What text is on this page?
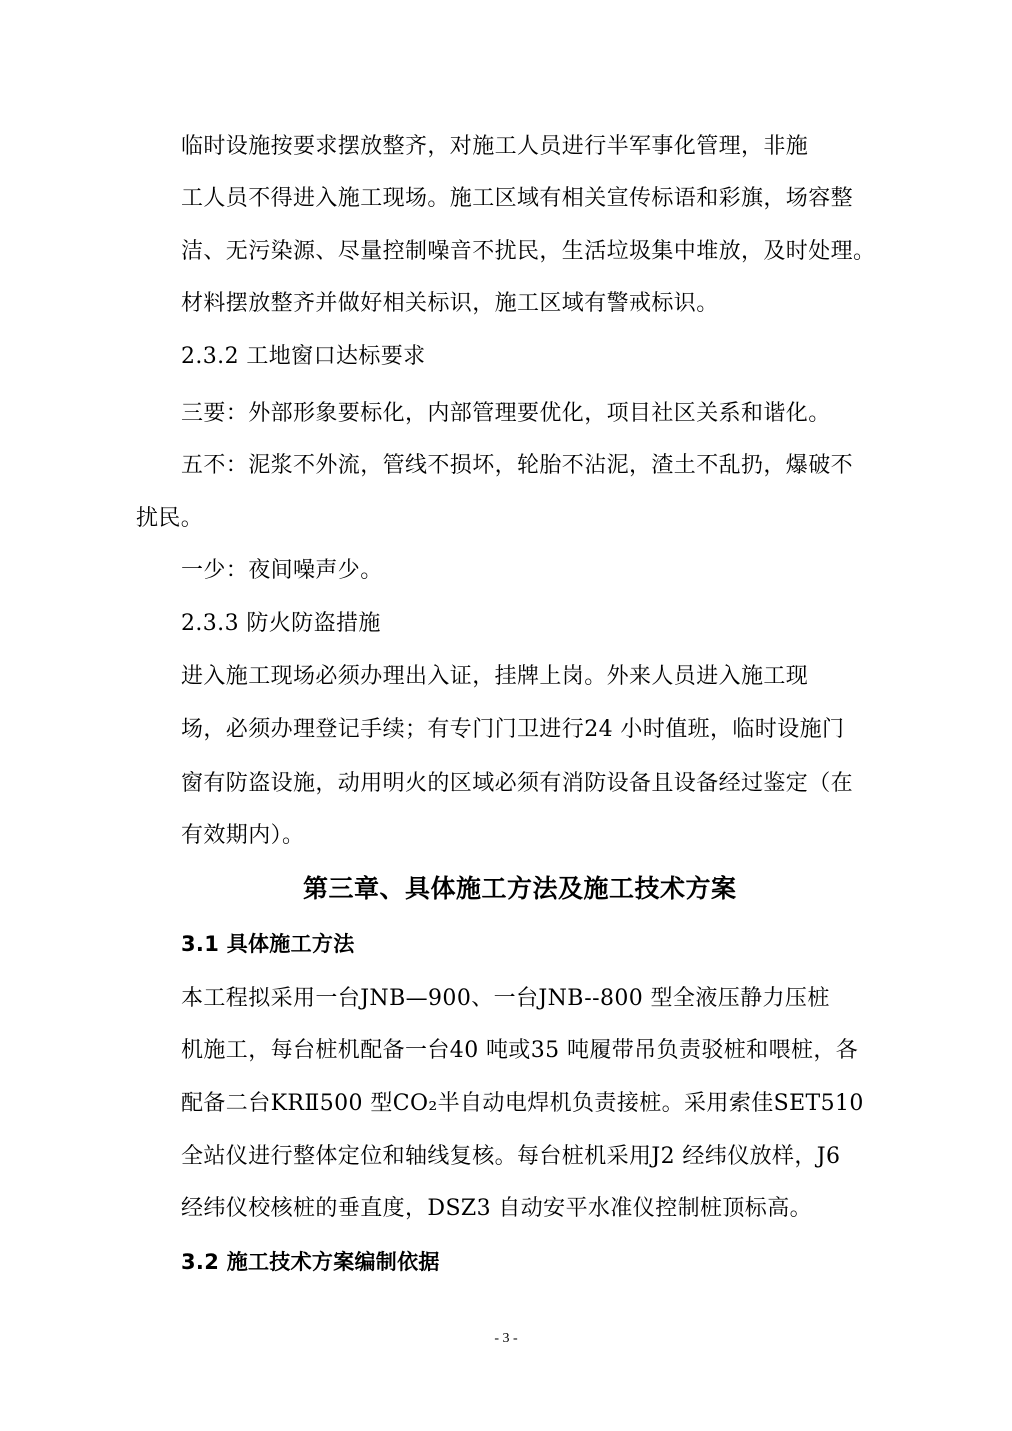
临时设施按要求摆放整齐，对施工人员进行半军事化管理，非施
工人员不得进入施工现场。施工区域有相关宣传标语和彩旗，场容整
洁、无污染源、尽量控制噪音不扰民，生活垃圾集中堆放，及时处理。
材料摆放整齐并做好相关标识，施工区域有警戒标识。
2.3.2 工地窗口达标要求
三要：外部形象要标化，内部管理要优化，项目社区关系和谐化。
五不：泥浆不外流，管线不损坏，轮胎不沾泥，渣土不乱扔，爆破不
扰民。
一少：夜间噪声少。
2.3.3 防火防盗措施
进入施工现场必须办理出入证，挂牌上岗。外来人员进入施工现
场，必须办理登记手续；有专门门卫进行24 小时值班，临时设施门
窗有防盗设施，动用明火的区域必须有消防设备且设备经过鉴定（在
有效期内）。
第三章、具体施工方法及施工技术方案
3.1 具体施工方法
本工程拟采用一台JNB—900、一台JNB--800 型全液压静力压桩
机施工，每台桩机配备一台40 吨或35 吨履带吊负责驳桩和喂桩，各
配备二台KRⅡ500 型CO₂半自动电焊机负责接桩。采用索佳SET510
全站仪进行整体定位和轴线复核。每台桩机采用J2 经纬仪放样，J6
经纬仪校核桩的垂直度，DSZ3 自动安平水准仪控制桩顶标高。
3.2 施工技术方案编制依据
- 3 -
